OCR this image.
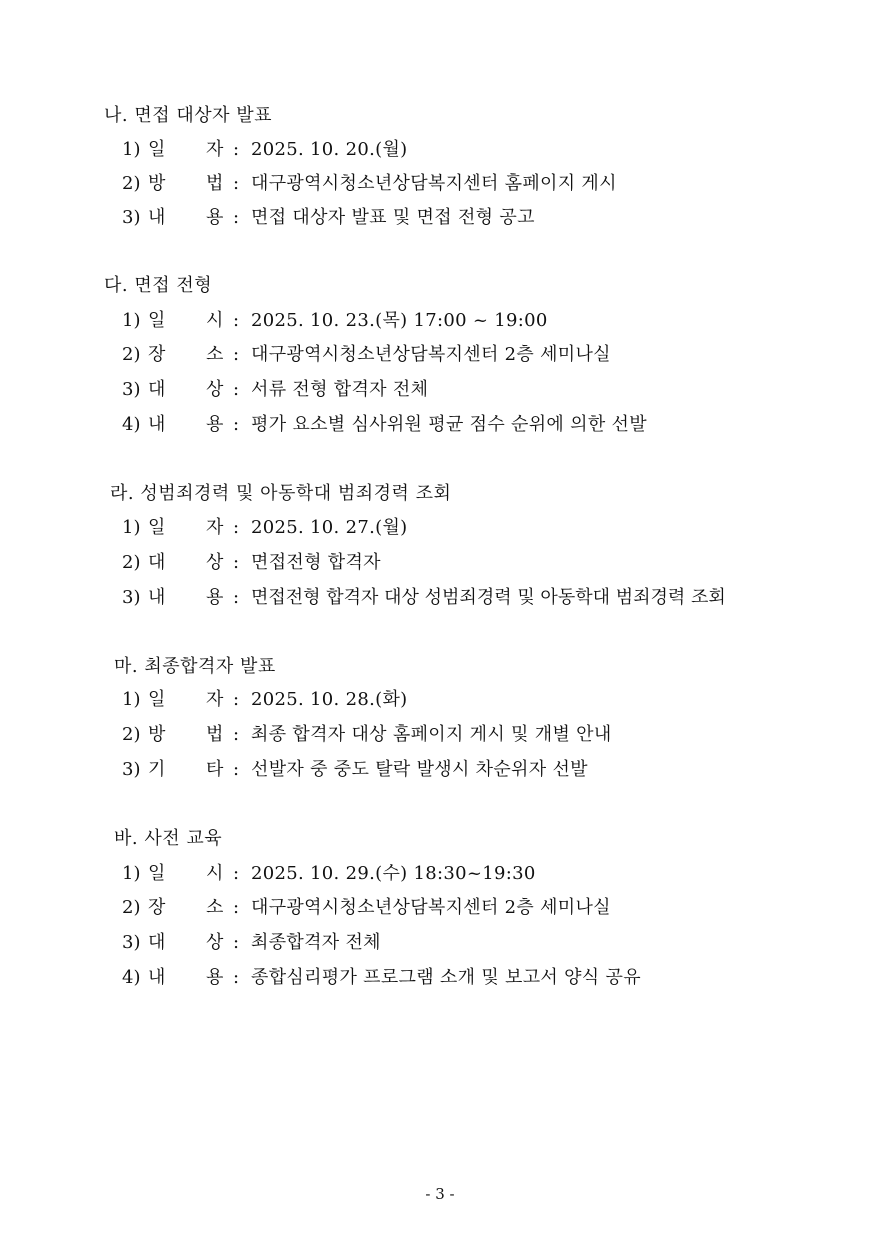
나. 면접 대상자 발표
1) 일 자 : 2025. 10. 20.(월)
2) 방 법 : 대구광역시청소년상담복지센터 홈페이지 게시
3) 내 용 : 면접 대상자 발표 및 면접 전형 공고
다. 면접 전형
1) 일 시 : 2025. 10. 23.(목) 17:00 ~ 19:00
2) 장 소 : 대구광역시청소년상담복지센터 2층 세미나실
3) 대 상 : 서류 전형 합격자 전체
4) 내 용 : 평가 요소별 심사위원 평균 점수 순위에 의한 선발
라. 성범죄경력 및 아동학대 범죄경력 조회
1) 일 자 : 2025. 10. 27.(월)
2) 대 상 : 면접전형 합격자
3) 내 용 : 면접전형 합격자 대상 성범죄경력 및 아동학대 범죄경력 조회
마. 최종합격자 발표
1) 일 자 : 2025. 10. 28.(화)
2) 방 법 : 최종 합격자 대상 홈페이지 게시 및 개별 안내
3) 기 타 : 선발자 중 중도 탈락 발생시 차순위자 선발
바. 사전 교육
1) 일 시 : 2025. 10. 29.(수) 18:30~19:30
2) 장 소 : 대구광역시청소년상담복지센터 2층 세미나실
3) 대 상 : 최종합격자 전체
4) 내 용 : 종합심리평가 프로그램 소개 및 보고서 양식 공유
- 3 -
